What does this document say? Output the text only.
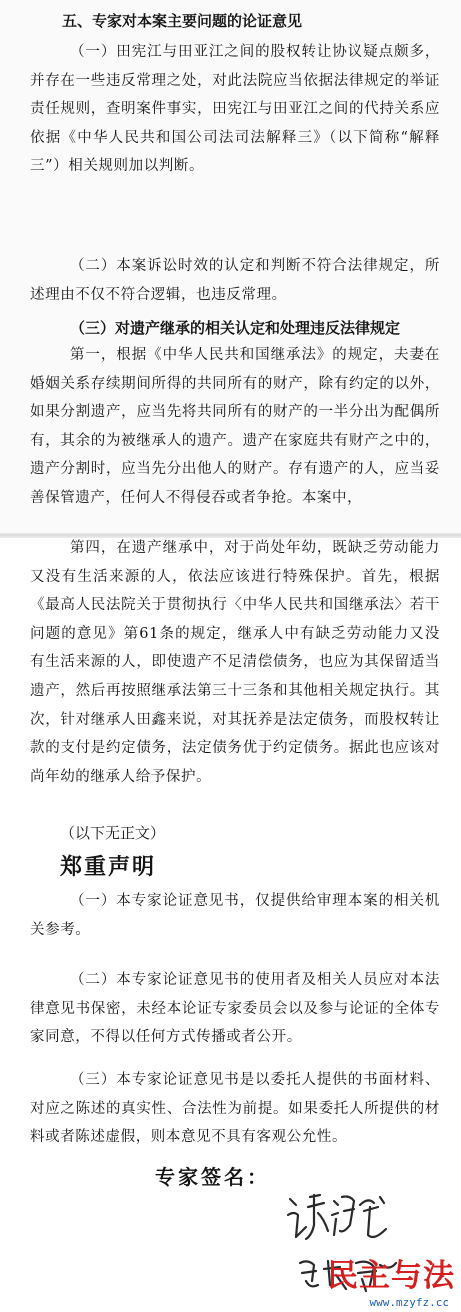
五、专家对本案主要问题的论证意见
（一）田宪江与田亚江之间的股权转让协议疑点颇多，并存在一些违反常理之处，对此法院应当依据法律规定的举证责任规则，查明案件事实，田宪江与田亚江之间的代持关系应依据《中华人民共和国公司法司法解释三》（以下简称“解释三”）相关规则加以判断。
（二）本案诉讼时效的认定和判断不符合法律规定，所述理由不仅不符合逻辑，也违反常理。
（三）对遗产继承的相关认定和处理违反法律规定
第一，根据《中华人民共和国继承法》的规定，夫妻在婚姻关系存续期间所得的共同所有的财产，除有约定的以外，如果分割遗产，应当先将共同所有的财产的一半分出为配偶所有，其余的为被继承人的遗产。遗产在家庭共有财产之中的，遗产分割时，应当先分出他人的财产。存有遗产的人，应当妥善保管遗产，任何人不得侵吞或者争抢。本案中，
第四，在遗产继承中，对于尚处年幼，既缺乏劳动能力又没有生活来源的人，依法应该进行特殊保护。首先，根据《最高人民法院关于贯彻执行〈中华人民共和国继承法〉若干问题的意见》第61条的规定，继承人中有缺乏劳动能力又没有生活来源的人，即使遗产不足清偿债务，也应为其保留适当遗产，然后再按照继承法第三十三条和其他相关规定执行。其次，针对继承人田鑫来说，对其抚养是法定债务，而股权转让款的支付是约定债务，法定债务优于约定债务。据此也应该对尚年幼的继承人给予保护。
（以下无正文）
郑重声明
（一）本专家论证意见书，仅提供给审理本案的相关机关参考。
（二）本专家论证意见书的使用者及相关人员应对本法律意见书保密，未经本论证专家委员会以及参与论证的全体专家同意，不得以任何方式传播或者公开。
（三）本专家论证意见书是以委托人提供的书面材料、对应之陈述的真实性、合法性为前提。如果委托人所提供的材料或者陈述虚假，则本意见不具有客观公允性。
专家签名：
民主与法
www.mzyfz.cc
